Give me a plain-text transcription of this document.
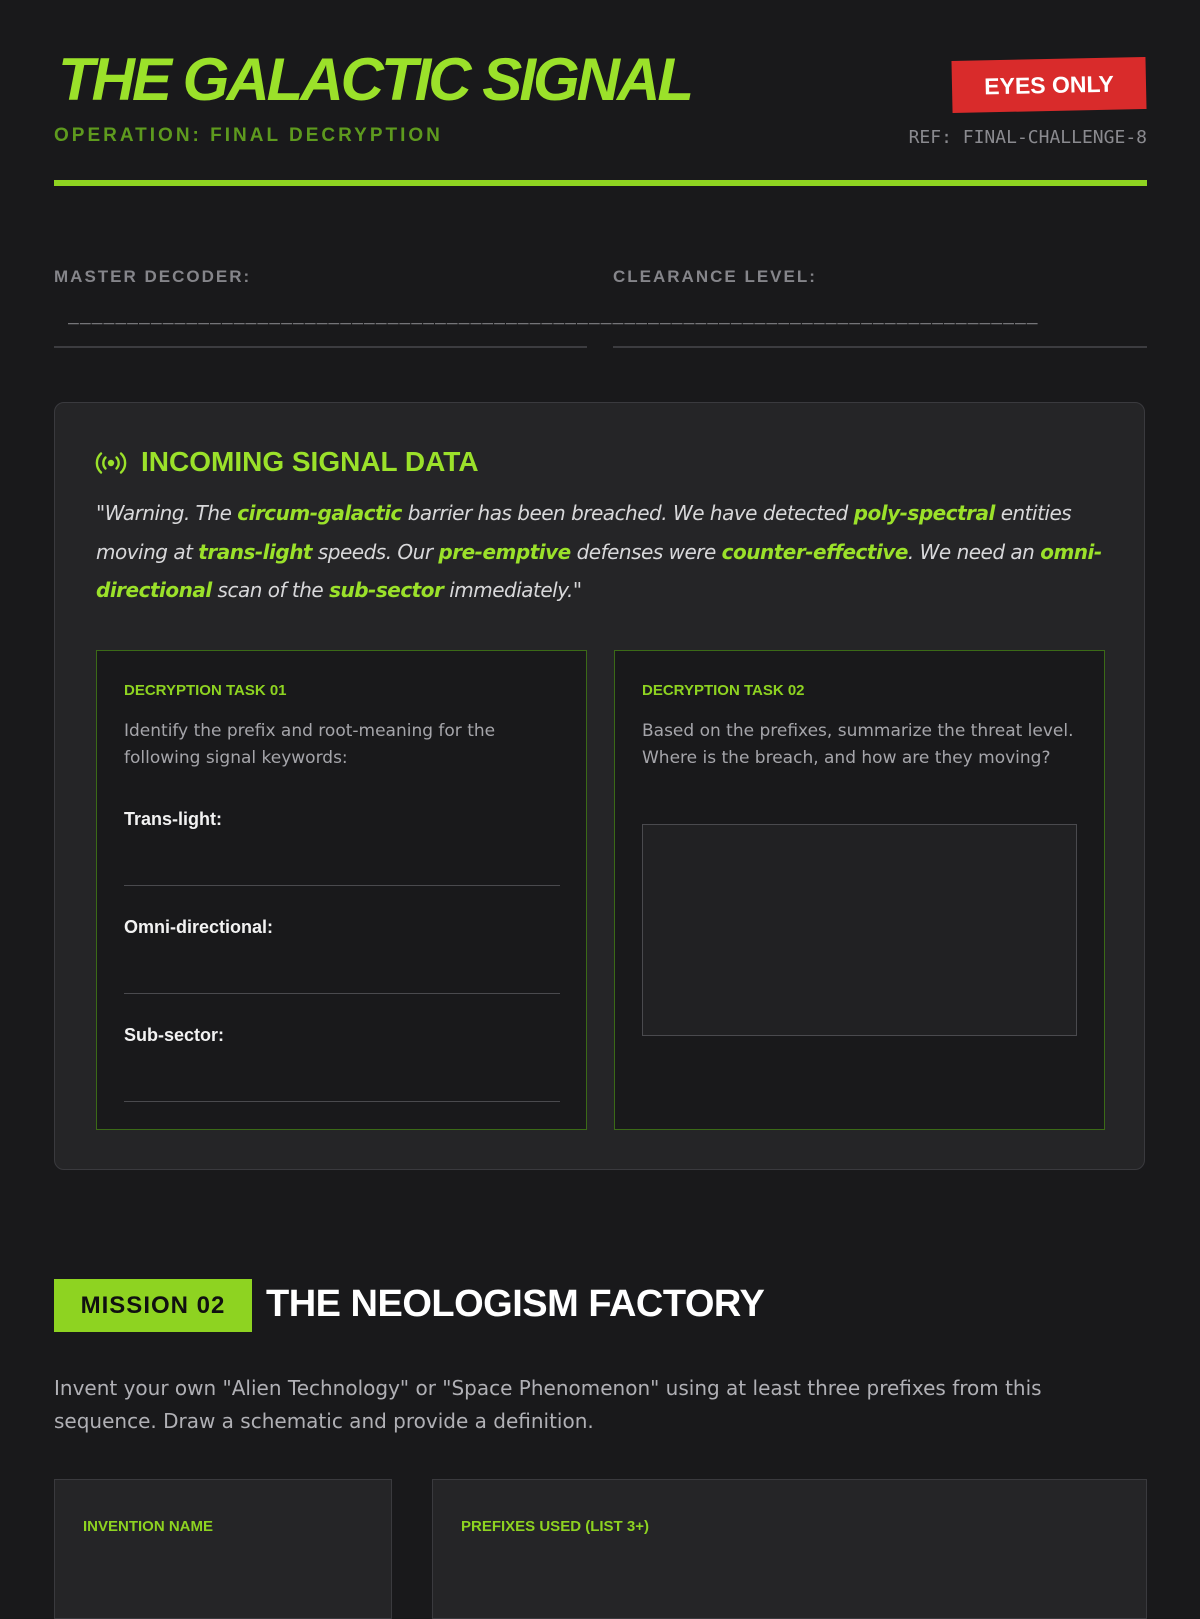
THE GALACTIC SIGNAL
OPERATION: FINAL DECRYPTION
EYES ONLY
REF: FINAL-CHALLENGE-8
MASTER DECODER:	CLEARANCE LEVEL:
__________________________________________________________________________________
INCOMING SIGNAL DATA
"Warning. The circum-galactic barrier has been breached. We have detected poly-spectral entities moving at trans-light speeds. Our pre-emptive defenses were counter-effective. We need an omni-directional scan of the sub-sector immediately."
DECRYPTION TASK 01
Identify the prefix and root-meaning for the following signal keywords:
Trans-light:
Omni-directional:
Sub-sector:
DECRYPTION TASK 02
Based on the prefixes, summarize the threat level. Where is the breach, and how are they moving?
MISSION 02	THE NEOLOGISM FACTORY
Invent your own "Alien Technology" or "Space Phenomenon" using at least three prefixes from this sequence. Draw a schematic and provide a definition.
INVENTION NAME	PREFIXES USED (LIST 3+)
